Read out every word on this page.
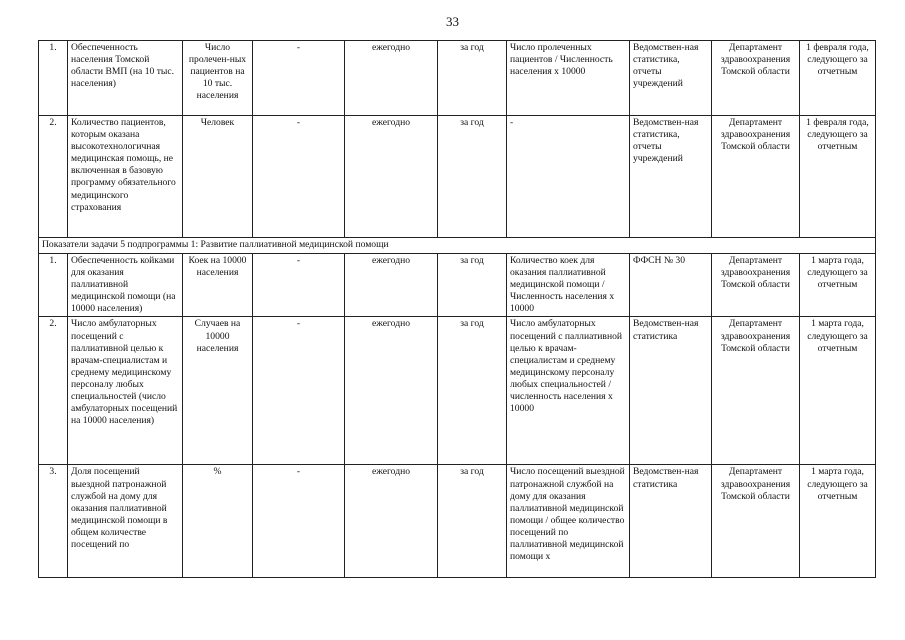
33
1.	Обеспеченность населения Томской области ВМП (на 10 тыс. населения)	Число пролечен-ных пациентов на 10 тыс. населения	-	ежегодно	за год	Число пролеченных пациентов / Численность населения х 10000	Ведомствен-ная статистика, отчеты учреждений	Департамент здравоохранения Томской области	1 февраля года, следующего за отчетным
2.	Количество пациентов, которым оказана высокотехнологичная медицинская помощь, не включенная в базовую программу обязательного медицинского страхования	Человек	-	ежегодно	за год	-	Ведомствен-ная статистика, отчеты учреждений	Департамент здравоохранения Томской области	1 февраля года, следующего за отчетным
Показатели задачи 5 подпрограммы 1: Развитие паллиативной медицинской помощи									
1.	Обеспеченность койками для оказания паллиативной медицинской помощи (на 10000 населения)	Коек на 10000 населения	-	ежегодно	за год	Количество коек для оказания паллиативной медицинской помощи / Численность населения х 10000	ФФСН № 30	Департамент здравоохранения Томской области	1 марта года, следующего за отчетным
2.	Число амбулаторных посещений с паллиативной целью к врачам-специалистам и среднему медицинскому персоналу любых специальностей (число амбулаторных посещений на 10000 населения)	Случаев на 10000 населения	-	ежегодно	за год	Число амбулаторных посещений с паллиативной целью к врачам-специалистам и среднему медицинскому персоналу любых специальностей / численность населения х 10000	Ведомствен-ная статистика	Департамент здравоохранения Томской области	1 марта года, следующего за отчетным
3.	Доля посещений выездной патронажной службой на дому для оказания паллиативной медицинской помощи в общем количестве посещений по	%	-	ежегодно	за год	Число посещений выездной патронажной службой на дому для оказания паллиативной медицинской помощи / общее количество посещений по паллиативной медицинской помощи х	Ведомствен-ная статистика	Департамент здравоохранения Томской области	1 марта года, следующего за отчетным
